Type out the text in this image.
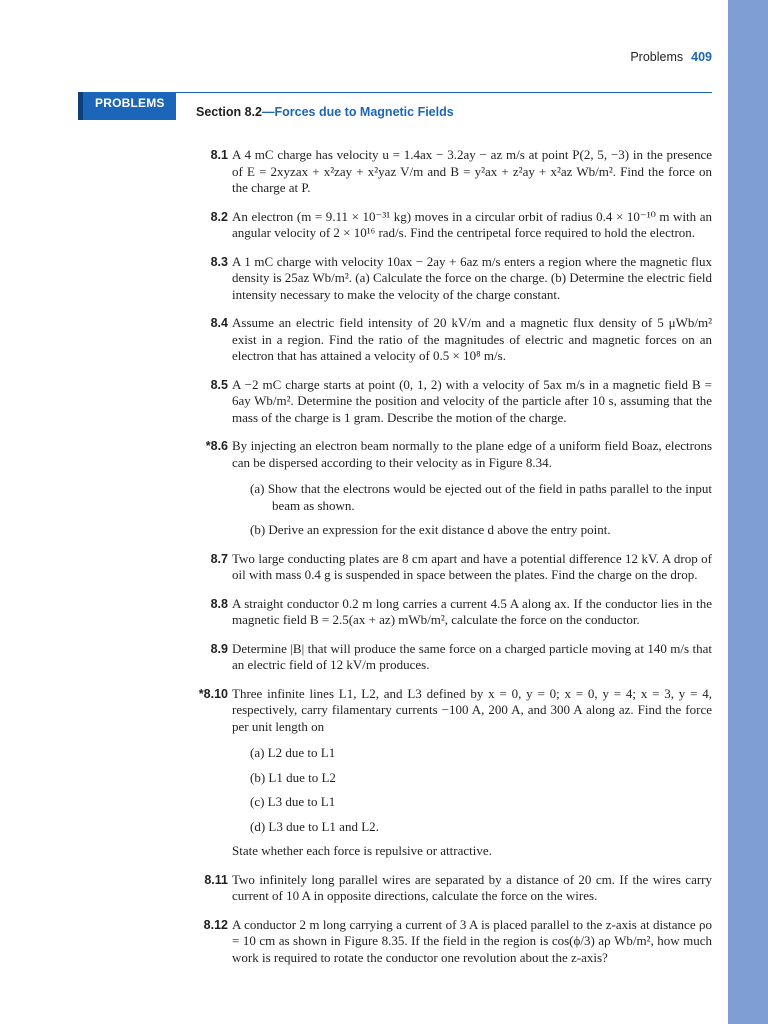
Problems 409
PROBLEMS
Section 8.2—Forces due to Magnetic Fields
8.1 A 4 mC charge has velocity u = 1.4ax − 3.2ay − az m/s at point P(2, 5, −3) in the presence of E = 2xyzax + x²zay + x²yaz V/m and B = y²ax + z²ay + x²az Wb/m². Find the force on the charge at P.
8.2 An electron (m = 9.11 × 10⁻³¹ kg) moves in a circular orbit of radius 0.4 × 10⁻¹⁰ m with an angular velocity of 2 × 10¹⁶ rad/s. Find the centripetal force required to hold the electron.
8.3 A 1 mC charge with velocity 10ax − 2ay + 6az m/s enters a region where the magnetic flux density is 25az Wb/m². (a) Calculate the force on the charge. (b) Determine the electric field intensity necessary to make the velocity of the charge constant.
8.4 Assume an electric field intensity of 20 kV/m and a magnetic flux density of 5 μWb/m² exist in a region. Find the ratio of the magnitudes of electric and magnetic forces on an electron that has attained a velocity of 0.5 × 10⁸ m/s.
8.5 A −2 mC charge starts at point (0, 1, 2) with a velocity of 5ax m/s in a magnetic field B = 6ay Wb/m². Determine the position and velocity of the particle after 10 s, assuming that the mass of the charge is 1 gram. Describe the motion of the charge.
*8.6 By injecting an electron beam normally to the plane edge of a uniform field Boaz, electrons can be dispersed according to their velocity as in Figure 8.34.
(a) Show that the electrons would be ejected out of the field in paths parallel to the input beam as shown.
(b) Derive an expression for the exit distance d above the entry point.
8.7 Two large conducting plates are 8 cm apart and have a potential difference 12 kV. A drop of oil with mass 0.4 g is suspended in space between the plates. Find the charge on the drop.
8.8 A straight conductor 0.2 m long carries a current 4.5 A along ax. If the conductor lies in the magnetic field B = 2.5(ax + az) mWb/m², calculate the force on the conductor.
8.9 Determine |B| that will produce the same force on a charged particle moving at 140 m/s that an electric field of 12 kV/m produces.
*8.10 Three infinite lines L1, L2, and L3 defined by x = 0, y = 0; x = 0, y = 4; x = 3, y = 4, respectively, carry filamentary currents −100 A, 200 A, and 300 A along az. Find the force per unit length on
(a) L2 due to L1
(b) L1 due to L2
(c) L3 due to L1
(d) L3 due to L1 and L2.
State whether each force is repulsive or attractive.
8.11 Two infinitely long parallel wires are separated by a distance of 20 cm. If the wires carry current of 10 A in opposite directions, calculate the force on the wires.
8.12 A conductor 2 m long carrying a current of 3 A is placed parallel to the z-axis at distance ρo = 10 cm as shown in Figure 8.35. If the field in the region is cos(ϕ/3) aρ Wb/m², how much work is required to rotate the conductor one revolution about the z-axis?
